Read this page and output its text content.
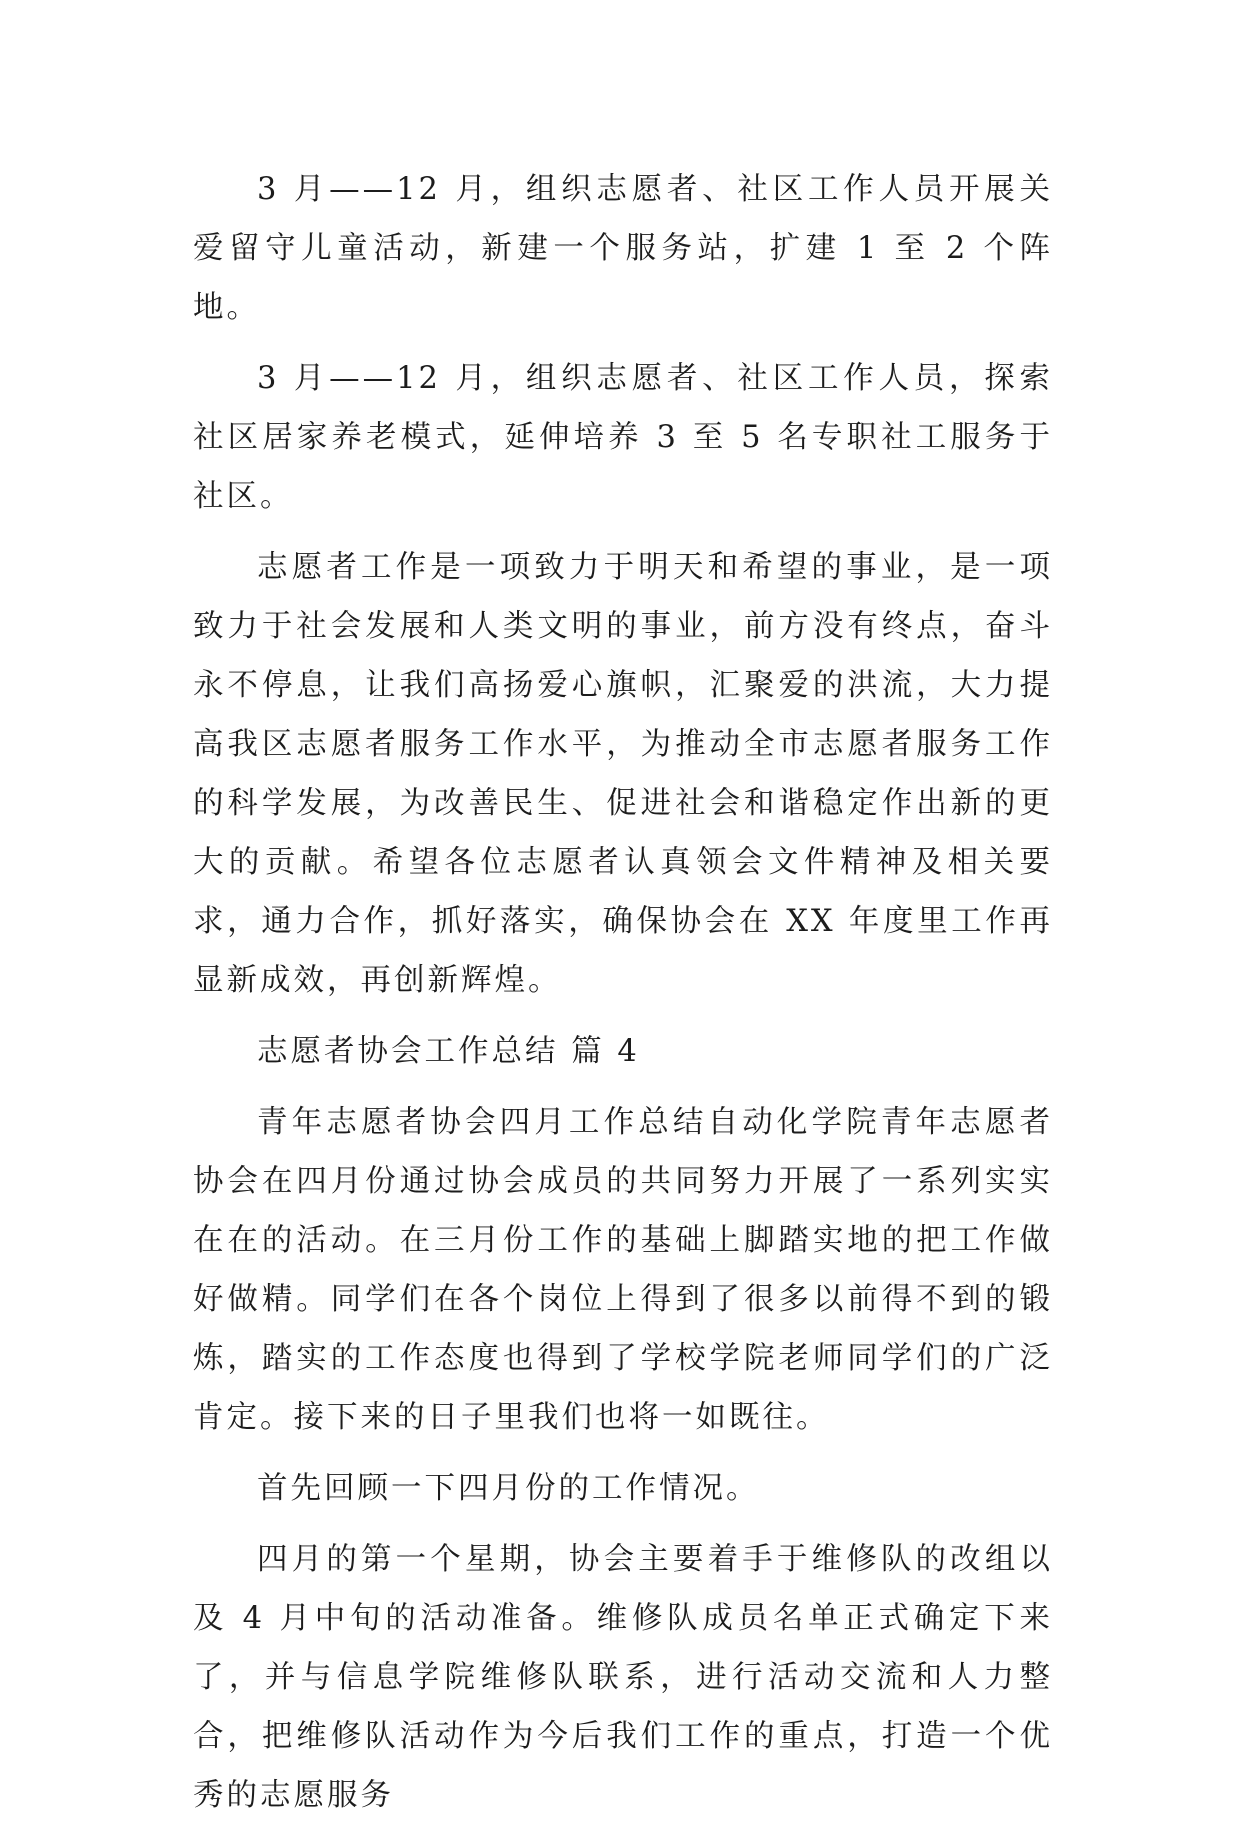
3 月——12 月，组织志愿者、社区工作人员开展关爱留守儿童活动，新建一个服务站，扩建 1 至 2 个阵地。

3 月——12 月，组织志愿者、社区工作人员，探索社区居家养老模式，延伸培养 3 至 5 名专职社工服务于社区。

志愿者工作是一项致力于明天和希望的事业，是一项致力于社会发展和人类文明的事业，前方没有终点，奋斗永不停息，让我们高扬爱心旗帜，汇聚爱的洪流，大力提高我区志愿者服务工作水平，为推动全市志愿者服务工作的科学发展，为改善民生、促进社会和谐稳定作出新的更大的贡献。希望各位志愿者认真领会文件精神及相关要求，通力合作，抓好落实，确保协会在 XX 年度里工作再显新成效，再创新辉煌。

志愿者协会工作总结 篇 4

青年志愿者协会四月工作总结自动化学院青年志愿者协会在四月份通过协会成员的共同努力开展了一系列实实在在的活动。在三月份工作的基础上脚踏实地的把工作做好做精。同学们在各个岗位上得到了很多以前得不到的锻炼，踏实的工作态度也得到了学校学院老师同学们的广泛肯定。接下来的日子里我们也将一如既往。

首先回顾一下四月份的工作情况。

四月的第一个星期，协会主要着手于维修队的改组以及 4 月中旬的活动准备。维修队成员名单正式确定下来了，并与信息学院维修队联系，进行活动交流和人力整合，把维修队活动作为今后我们工作的重点，打造一个优秀的志愿服务
